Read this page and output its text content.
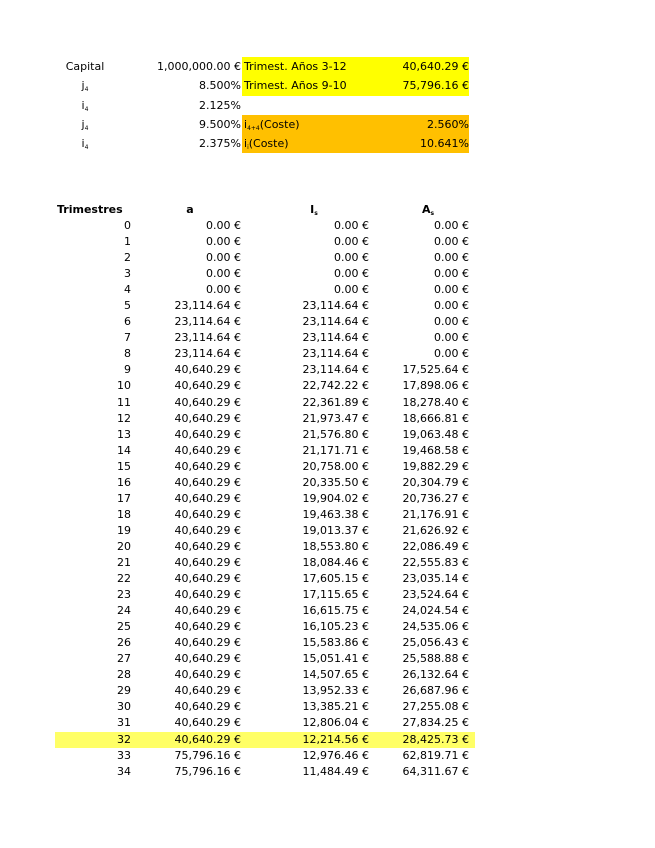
Capital	1,000,000.00 € Trimest. Años 3-12	40,640.29 €
$j_4$	8.500% Trimest. Años 9-10	75,796.16 €
$i_4$	2.125%
$j_4$	9.500% $i_{4+4}(Coste)$	2.560%
$i_4$	2.375% $i_i(Coste)$	10.641%
Trimestres	a	$I_s$	$A_s$
0	0.00 €	0.00 €	0.00 €
1	0.00 €	0.00 €	0.00 €
2	0.00 €	0.00 €	0.00 €
3	0.00 €	0.00 €	0.00 €
4	0.00 €	0.00 €	0.00 €
5	23,114.64 €	23,114.64 €	0.00 €
6	23,114.64 €	23,114.64 €	0.00 €
7	23,114.64 €	23,114.64 €	0.00 €
8	23,114.64 €	23,114.64 €	0.00 €
9	40,640.29 €	23,114.64 €	17,525.64 €
10	40,640.29 €	22,742.22 €	17,898.06 €
11	40,640.29 €	22,361.89 €	18,278.40 €
12	40,640.29 €	21,973.47 €	18,666.81 €
13	40,640.29 €	21,576.80 €	19,063.48 €
14	40,640.29 €	21,171.71 €	19,468.58 €
15	40,640.29 €	20,758.00 €	19,882.29 €
16	40,640.29 €	20,335.50 €	20,304.79 €
17	40,640.29 €	19,904.02 €	20,736.27 €
18	40,640.29 €	19,463.38 €	21,176.91 €
19	40,640.29 €	19,013.37 €	21,626.92 €
20	40,640.29 €	18,553.80 €	22,086.49 €
21	40,640.29 €	18,084.46 €	22,555.83 €
22	40,640.29 €	17,605.15 €	23,035.14 €
23	40,640.29 €	17,115.65 €	23,524.64 €
24	40,640.29 €	16,615.75 €	24,024.54 €
25	40,640.29 €	16,105.23 €	24,535.06 €
26	40,640.29 €	15,583.86 €	25,056.43 €
27	40,640.29 €	15,051.41 €	25,588.88 €
28	40,640.29 €	14,507.65 €	26,132.64 €
29	40,640.29 €	13,952.33 €	26,687.96 €
30	40,640.29 €	13,385.21 €	27,255.08 €
31	40,640.29 €	12,806.04 €	27,834.25 €
32	40,640.29 €	12,214.56 €	28,425.73 €
33	75,796.16 €	12,976.46 €	62,819.71 €
34	75,796.16 €	11,484.49 €	64,311.67 €
